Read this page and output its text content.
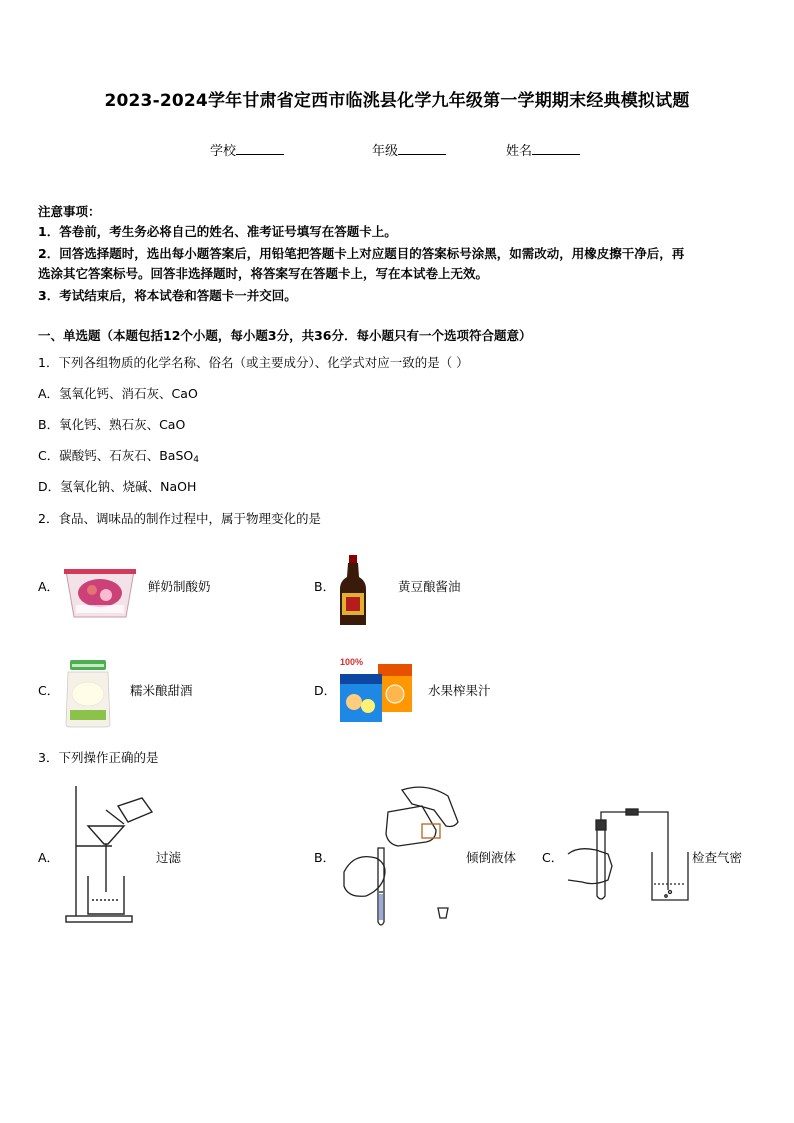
2023-2024学年甘肃省定西市临洮县化学九年级第一学期期末经典模拟试题
学校	年级	姓名
注意事项：
1．答卷前，考生务必将自己的姓名、准考证号填写在答题卡上。
2．回答选择题时，选出每小题答案后，用铅笔把答题卡上对应题目的答案标号涂黑，如需改动，用橡皮擦干净后，再
选涂其它答案标号。回答非选择题时，将答案写在答题卡上，写在本试卷上无效。
3．考试结束后，将本试卷和答题卡一并交回。
一、单选题（本题包括12个小题，每小题3分，共36分．每小题只有一个选项符合题意）
1．下列各组物质的化学名称、俗名（或主要成分）、化学式对应一致的是（ ）
A．氢氧化钙、消石灰、CaO
B．氧化钙、熟石灰、CaO
C．碳酸钙、石灰石、BaSO$_4$
D．氢氧化钠、烧碱、NaOH
2．食品、调味品的制作过程中，属于物理变化的是
A．	鲜奶制酸奶	B．	黄豆酿酱油
C．	糯米酿甜酒	D．
100%
水果榨果汁
3．下列操作正确的是
A．	过滤	B．	倾倒液体 C．	检查气密
